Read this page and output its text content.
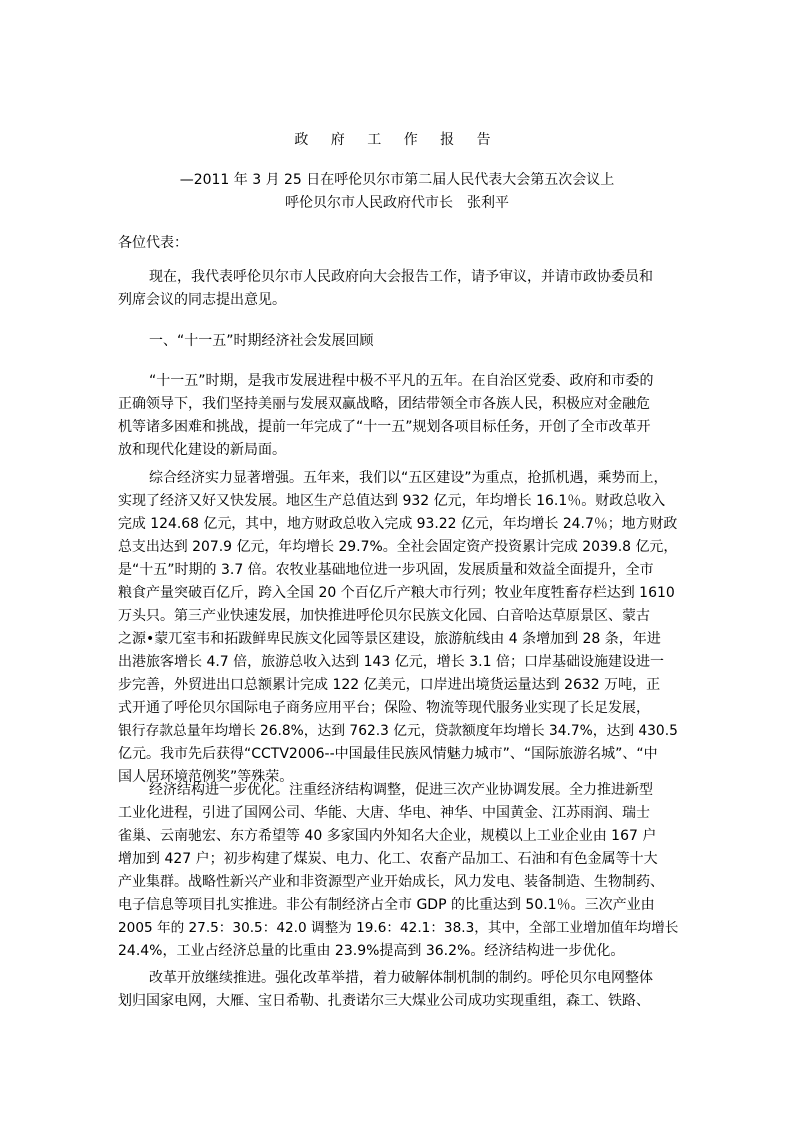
政 府 工 作 报 告
—2011 年 3 月 25 日在呼伦贝尔市第二届人民代表大会第五次会议上
呼伦贝尔市人民政府代市长　张利平
各位代表：
现在，我代表呼伦贝尔市人民政府向大会报告工作，请予审议，并请市政协委员和
列席会议的同志提出意见。
一、“十一五”时期经济社会发展回顾
“十一五”时期，是我市发展进程中极不平凡的五年。在自治区党委、政府和市委的
正确领导下，我们坚持美丽与发展双赢战略，团结带领全市各族人民，积极应对金融危
机等诸多困难和挑战，提前一年完成了“十一五”规划各项目标任务，开创了全市改革开
放和现代化建设的新局面。
综合经济实力显著增强。五年来，我们以“五区建设”为重点，抢抓机遇，乘势而上，
实现了经济又好又快发展。地区生产总值达到 932 亿元，年均增长 16.1％。财政总收入
完成 124.68 亿元，其中，地方财政总收入完成 93.22 亿元，年均增长 24.7％；地方财政
总支出达到 207.9 亿元，年均增长 29.7%。全社会固定资产投资累计完成 2039.8 亿元，
是“十五”时期的 3.7 倍。农牧业基础地位进一步巩固，发展质量和效益全面提升，全市
粮食产量突破百亿斤，跨入全国 20 个百亿斤产粮大市行列；牧业年度牲畜存栏达到 1610
万头只。第三产业快速发展，加快推进呼伦贝尔民族文化园、白音哈达草原景区、蒙古
之源•蒙兀室韦和拓跋鲜卑民族文化园等景区建设，旅游航线由 4 条增加到 28 条，年进
出港旅客增长 4.7 倍，旅游总收入达到 143 亿元，增长 3.1 倍；口岸基础设施建设进一
步完善，外贸进出口总额累计完成 122 亿美元，口岸进出境货运量达到 2632 万吨，正
式开通了呼伦贝尔国际电子商务应用平台；保险、物流等现代服务业实现了长足发展，
银行存款总量年均增长 26.8%，达到 762.3 亿元，贷款额度年均增长 34.7%，达到 430.5
亿元。我市先后获得“CCTV2006--中国最佳民族风情魅力城市”、“国际旅游名城”、“中
国人居环境范例奖”等殊荣。
经济结构进一步优化。注重经济结构调整，促进三次产业协调发展。全力推进新型
工业化进程，引进了国网公司、华能、大唐、华电、神华、中国黄金、江苏雨润、瑞士
雀巢、云南驰宏、东方希望等 40 多家国内外知名大企业，规模以上工业企业由 167 户
增加到 427 户；初步构建了煤炭、电力、化工、农畜产品加工、石油和有色金属等十大
产业集群。战略性新兴产业和非资源型产业开始成长，风力发电、装备制造、生物制药、
电子信息等项目扎实推进。非公有制经济占全市 GDP 的比重达到 50.1％。三次产业由
2005 年的 27.5：30.5：42.0 调整为 19.6：42.1：38.3，其中，全部工业增加值年均增长
24.4%，工业占经济总量的比重由 23.9%提高到 36.2%。经济结构进一步优化。
改革开放继续推进。强化改革举措，着力破解体制机制的制约。呼伦贝尔电网整体
划归国家电网，大雁、宝日希勒、扎赉诺尔三大煤业公司成功实现重组，森工、铁路、
